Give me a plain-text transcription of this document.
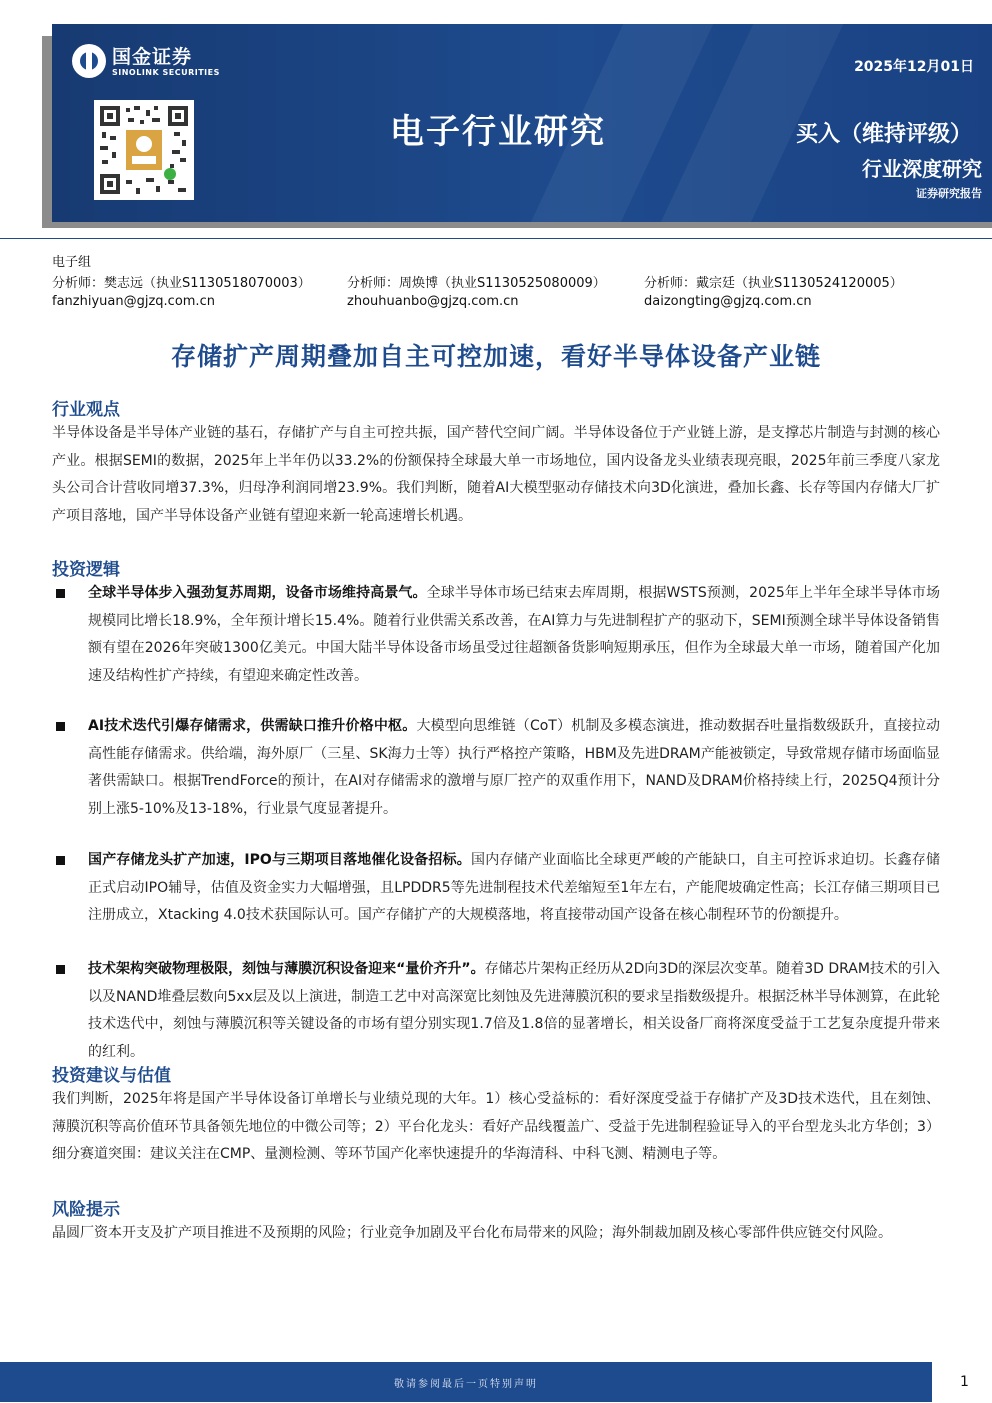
国金证券
SINOLINK SECURITIES
电子行业研究
2025年12月01日
买入（维持评级）
行业深度研究
证券研究报告
电子组
分析师：樊志远（执业S1130518070003）	分析师：周焕博（执业S1130525080009）	分析师：戴宗廷（执业S1130524120005）
fanzhiyuan@gjzq.com.cn	zhouhuanbo@gjzq.com.cn	daizongting@gjzq.com.cn
存储扩产周期叠加自主可控加速，看好半导体设备产业链
行业观点

半导体设备是半导体产业链的基石，存储扩产与自主可控共振，国产替代空间广阔。半导体设备位于产业链上游，是支撑芯片制造与封测的核心产业。根据SEMI的数据，2025年上半年仍以33.2%的份额保持全球最大单一市场地位，国内设备龙头业绩表现亮眼，2025年前三季度八家龙头公司合计营收同增37.3%，归母净利润同增23.9%。我们判断，随着AI大模型驱动存储技术向3D化演进，叠加长鑫、长存等国内存储大厂扩产项目落地，国产半导体设备产业链有望迎来新一轮高速增长机遇。

投资逻辑

全球半导体步入强劲复苏周期，设备市场维持高景气。全球半导体市场已结束去库周期，根据WSTS预测，2025年上半年全球半导体市场规模同比增长18.9%，全年预计增长15.4%。随着行业供需关系改善，在AI算力与先进制程扩产的驱动下，SEMI预测全球半导体设备销售额有望在2026年突破1300亿美元。中国大陆半导体设备市场虽受过往超额备货影响短期承压，但作为全球最大单一市场，随着国产化加速及结构性扩产持续，有望迎来确定性改善。

AI技术迭代引爆存储需求，供需缺口推升价格中枢。大模型向思维链（CoT）机制及多模态演进，推动数据吞吐量指数级跃升，直接拉动高性能存储需求。供给端，海外原厂（三星、SK海力士等）执行严格控产策略，HBM及先进DRAM产能被锁定，导致常规存储市场面临显著供需缺口。根据TrendForce的预计，在AI对存储需求的激增与原厂控产的双重作用下，NAND及DRAM价格持续上行，2025Q4预计分别上涨5-10%及13-18%，行业景气度显著提升。

国产存储龙头扩产加速，IPO与三期项目落地催化设备招标。国内存储产业面临比全球更严峻的产能缺口，自主可控诉求迫切。长鑫存储正式启动IPO辅导，估值及资金实力大幅增强，且LPDDR5等先进制程技术代差缩短至1年左右，产能爬坡确定性高；长江存储三期项目已注册成立，Xtacking 4.0技术获国际认可。国产存储扩产的大规模落地，将直接带动国产设备在核心制程环节的份额提升。

技术架构突破物理极限，刻蚀与薄膜沉积设备迎来“量价齐升”。存储芯片架构正经历从2D向3D的深层次变革。随着3D DRAM技术的引入以及NAND堆叠层数向5xx层及以上演进，制造工艺中对高深宽比刻蚀及先进薄膜沉积的要求呈指数级提升。根据泛林半导体测算，在此轮技术迭代中，刻蚀与薄膜沉积等关键设备的市场有望分别实现1.7倍及1.8倍的显著增长，相关设备厂商将深度受益于工艺复杂度提升带来的红利。

投资建议与估值

我们判断，2025年将是国产半导体设备订单增长与业绩兑现的大年。1）核心受益标的：看好深度受益于存储扩产及3D技术迭代，且在刻蚀、薄膜沉积等高价值环节具备领先地位的中微公司等；2）平台化龙头：看好产品线覆盖广、受益于先进制程验证导入的平台型龙头北方华创；3）细分赛道突围：建议关注在CMP、量测检测、等环节国产化率快速提升的华海清科、中科飞测、精测电子等。

风险提示

晶圆厂资本开支及扩产项目推进不及预期的风险；行业竞争加剧及平台化布局带来的风险；海外制裁加剧及核心零部件供应链交付风险。

敬请参阅最后一页特别声明	1
